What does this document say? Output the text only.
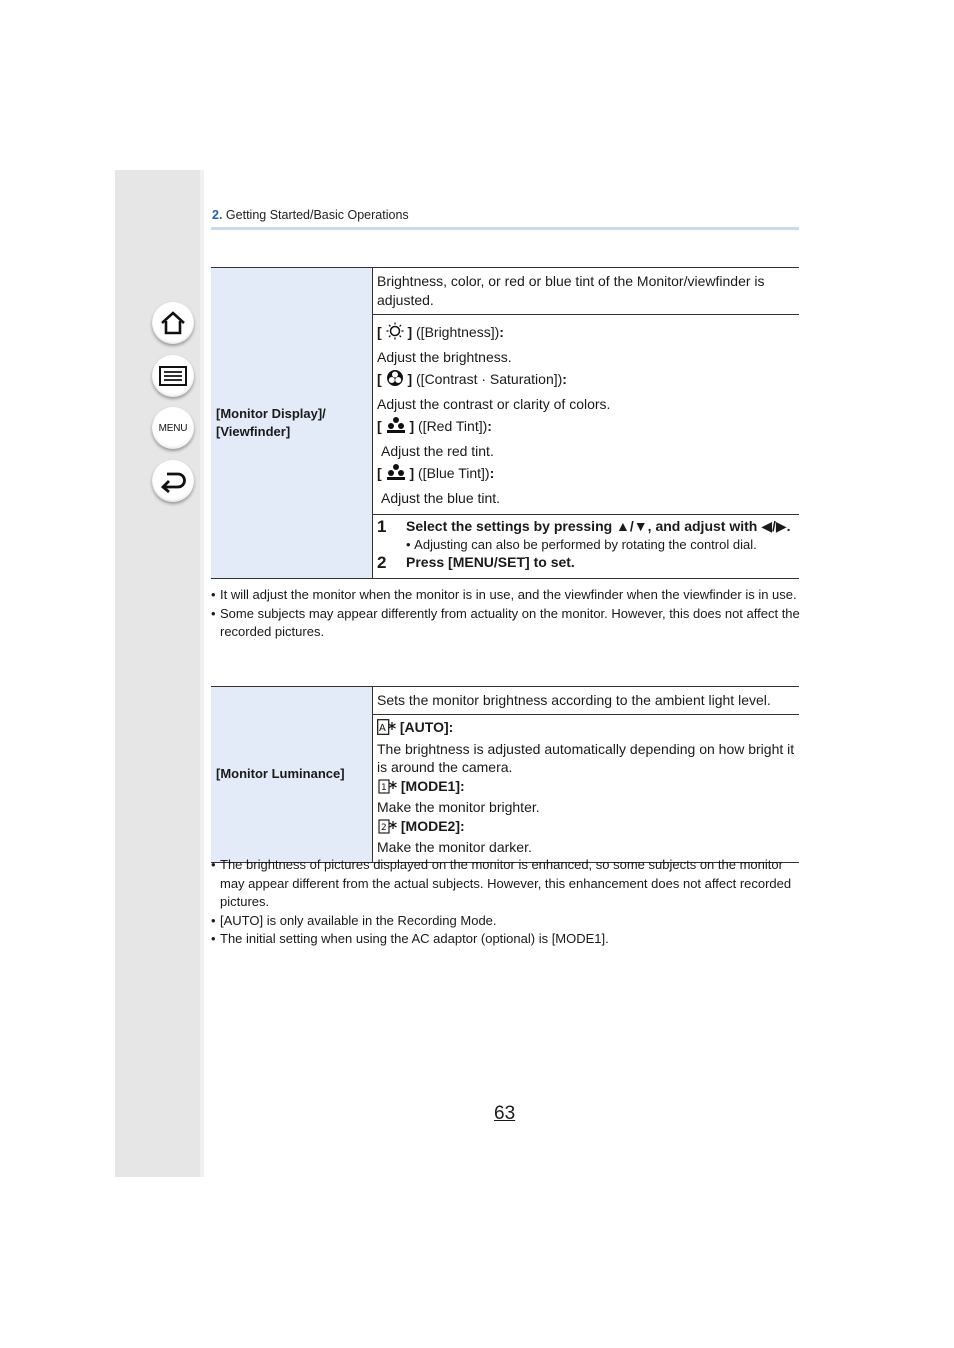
MENU
2. Getting Started/Basic Operations
[Monitor Display]/
[Viewfinder]
	Brightness, color, or red or blue tint of the Monitor/viewfinder is adjusted.

[  ] ([Brightness]):
Adjust the brightness.
[  ] ([Contrast · Saturation]):
Adjust the contrast or clarity of colors.
[  ] ([Red Tint]):
Adjust the red tint.
[  ] ([Blue Tint]):
Adjust the blue tint.

1	Select the settings by pressing ▲/▼, and adjust with ◀/▶.
• Adjusting can also be performed by rotating the control dial.
2	Press [MENU/SET] to set.
• It will adjust the monitor when the monitor is in use, and the viewfinder when the viewfinder is in use.
• Some subjects may appear differently from actuality on the monitor. However, this does not affect the recorded pictures.
[Monitor Luminance]	Sets the monitor brightness according to the ambient light level.

A [AUTO]:
The brightness is adjusted automatically depending on how bright it is around the camera.
1 [MODE1]:
Make the monitor brighter.
2 [MODE2]:
Make the monitor darker.
• The brightness of pictures displayed on the monitor is enhanced, so some subjects on the monitor may appear different from the actual subjects. However, this enhancement does not affect recorded pictures.
• [AUTO] is only available in the Recording Mode.
• The initial setting when using the AC adaptor (optional) is [MODE1].
63
